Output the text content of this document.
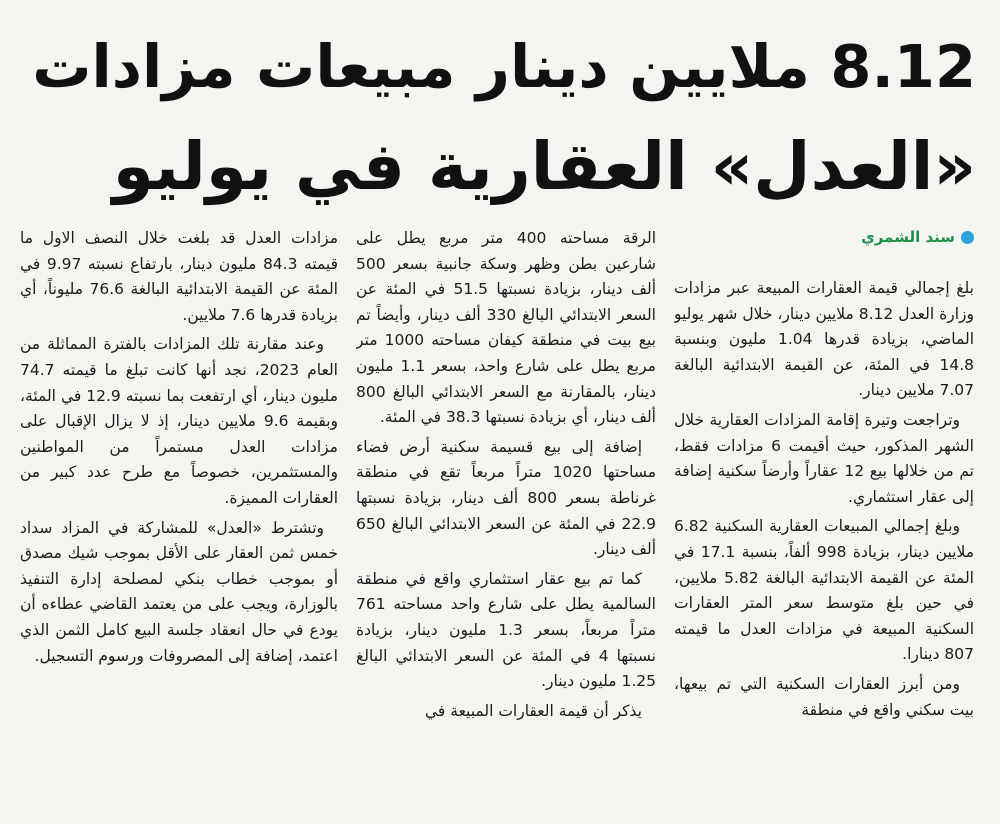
8.12 ملايين دينار مبيعات مزادات
«العدل» العقارية في يوليو
سند الشمري

بلغ إجمالي قيمة العقارات المبيعة عبر مزادات وزارة العدل 8.12 ملايين دينار، خلال شهر يوليو الماضي، بزيادة قدرها 1.04 مليون وبنسبة 14.8 في المئة، عن القيمة الابتدائية البالغة 7.07 ملايين دينار.

وتراجعت وتيرة إقامة المزادات العقارية خلال الشهر المذكور، حيث أقيمت 6 مزادات فقط، تم من خلالها بيع 12 عقاراً وأرضاً سكنية إضافة إلى عقار استثماري.

وبلغ إجمالي المبيعات العقارية السكنية 6.82 ملايين دينار، بزيادة 998 ألفاً، بنسبة 17.1 في المئة عن القيمة الابتدائية البالغة 5.82 ملايين، في حين بلغ متوسط سعر المتر العقارات السكنية المبيعة في مزادات العدل ما قيمته 807 دينارا.

ومن أبرز العقارات السكنية التي تم بيعها، بيت سكني واقع في منطقة

الرقة مساحته 400 متر مربع يطل على شارعين بطن وظهر وسكة جانبية بسعر 500 ألف دينار، بزيادة نسبتها 51.5 في المئة عن السعر الابتدائي البالغ 330 ألف دينار، وأيضاً تم بيع بيت في منطقة كيفان مساحته 1000 متر مربع يطل على شارع واحد، بسعر 1.1 مليون دينار، بالمقارنة مع السعر الابتدائي البالغ 800 ألف دينار، أي بزيادة نسبتها 38.3 في المئة.

إضافة إلى بيع قسيمة سكنية أرض فضاء مساحتها 1020 متراً مربعاً تقع في منطقة غرناطة بسعر 800 ألف دينار، بزيادة نسبتها 22.9 في المئة عن السعر الابتدائي البالغ 650 ألف دينار.

كما تم بيع عقار استثماري واقع في منطقة السالمية يطل على شارع واحد مساحته 761 متراً مربعاً، بسعر 1.3 مليون دينار، بزيادة نسبتها 4 في المئة عن السعر الابتدائي البالغ 1.25 مليون دينار.

يذكر أن قيمة العقارات المبيعة في

مزادات العدل قد بلغت خلال النصف الاول ما قيمته 84.3 مليون دينار، بارتفاع نسبته 9.97 في المئة عن القيمة الابتدائية البالغة 76.6 مليوناً، أي بزيادة قدرها 7.6 ملايين.

وعند مقارنة تلك المزادات بالفترة المماثلة من العام 2023، نجد أنها كانت تبلغ ما قيمته 74.7 مليون دينار، أي ارتفعت بما نسبته 12.9 في المئة، وبقيمة 9.6 ملايين دينار، إذ لا يزال الإقبال على مزادات العدل مستمراً من المواطنين والمستثمرين، خصوصاً مع طرح عدد كبير من العقارات المميزة.

وتشترط «العدل» للمشاركة في المزاد سداد خمس ثمن العقار على الأقل بموجب شيك مصدق أو بموجب خطاب بنكي لمصلحة إدارة التنفيذ بالوزارة، ويجب على من يعتمد القاضي عطاءه أن يودع في حال انعقاد جلسة البيع كامل الثمن الذي اعتمد، إضافة إلى المصروفات ورسوم التسجيل.
